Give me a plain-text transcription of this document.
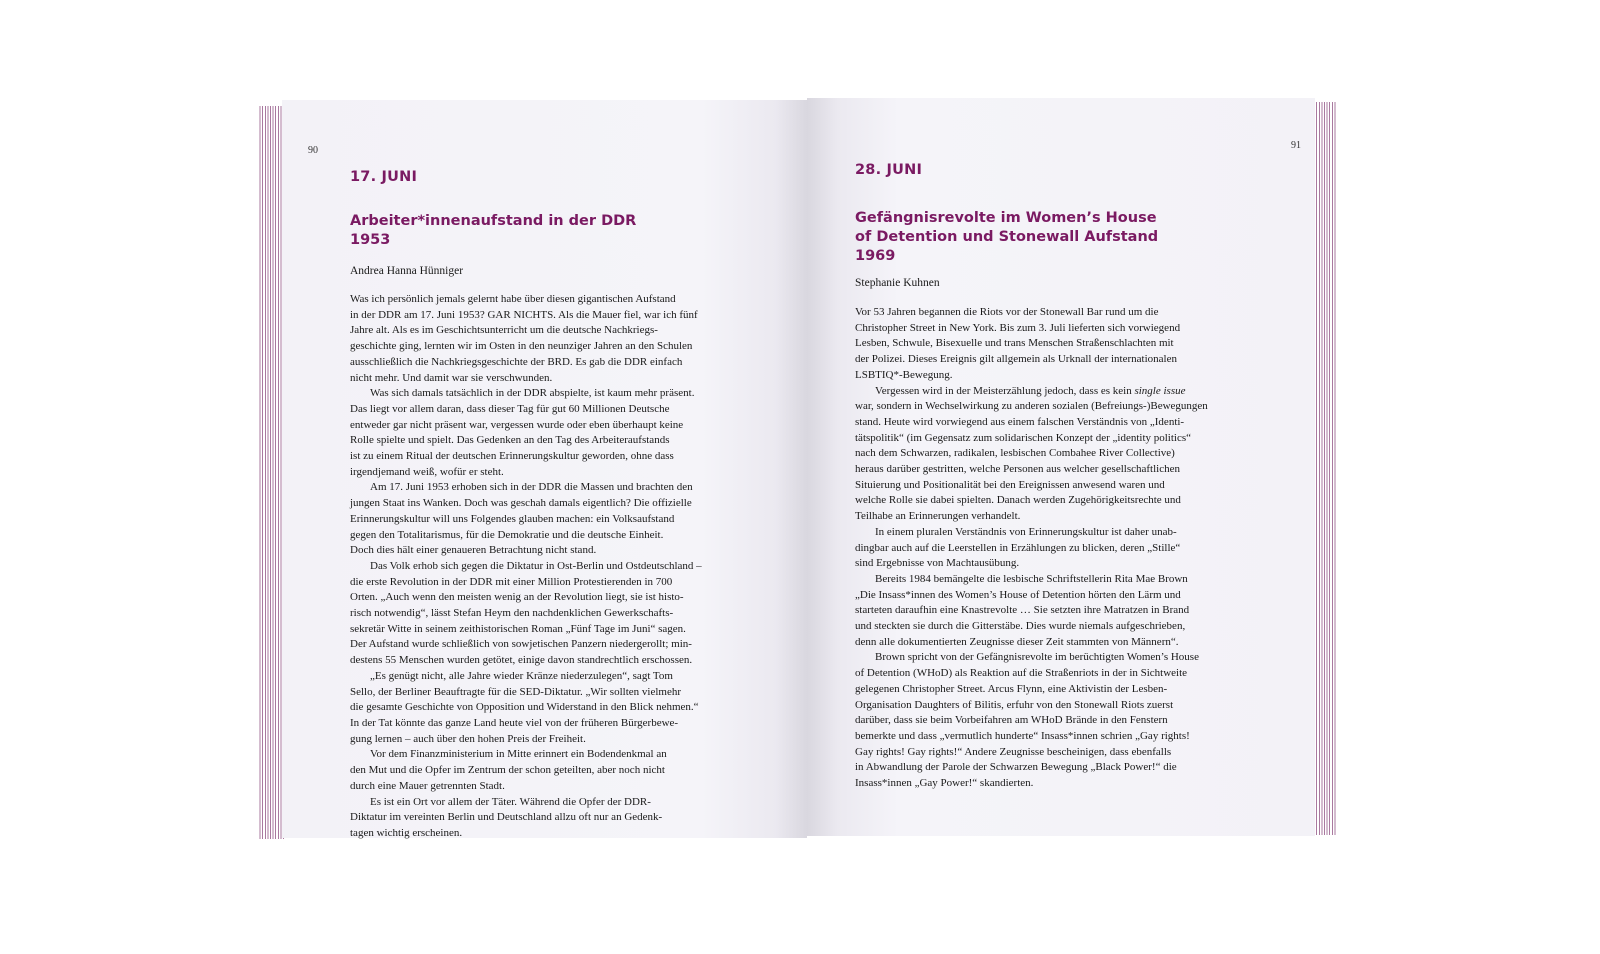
90
17. JUNI
Arbeiter*innenaufstand in der DDR
1953
Andrea Hanna Hünniger
Was ich persönlich jemals gelernt habe über diesen gigantischen Aufstand
in der DDR am 17. Juni 1953? GAR NICHTS. Als die Mauer fiel, war ich fünf
Jahre alt. Als es im Geschichtsunterricht um die deutsche Nachkriegs-
geschichte ging, lernten wir im Osten in den neunziger Jahren an den Schulen
ausschließlich die Nachkriegsgeschichte der BRD. Es gab die DDR einfach
nicht mehr. Und damit war sie verschwunden.
Was sich damals tatsächlich in der DDR abspielte, ist kaum mehr präsent.
Das liegt vor allem daran, dass dieser Tag für gut 60 Millionen Deutsche
entweder gar nicht präsent war, vergessen wurde oder eben überhaupt keine
Rolle spielte und spielt. Das Gedenken an den Tag des Arbeiteraufstands
ist zu einem Ritual der deutschen Erinnerungskultur geworden, ohne dass
irgendjemand weiß, wofür er steht.
Am 17. Juni 1953 erhoben sich in der DDR die Massen und brachten den
jungen Staat ins Wanken. Doch was geschah damals eigentlich? Die offizielle
Erinnerungskultur will uns Folgendes glauben machen: ein Volksaufstand
gegen den Totalitarismus, für die Demokratie und die deutsche Einheit.
Doch dies hält einer genaueren Betrachtung nicht stand.
Das Volk erhob sich gegen die Diktatur in Ost-Berlin und Ostdeutschland –
die erste Revolution in der DDR mit einer Million Protestierenden in 700
Orten. „Auch wenn den meisten wenig an der Revolution liegt, sie ist histo-
risch notwendig“, lässt Stefan Heym den nachdenklichen Gewerkschafts-
sekretär Witte in seinem zeithistorischen Roman „Fünf Tage im Juni“ sagen.
Der Aufstand wurde schließlich von sowjetischen Panzern niedergerollt; min-
destens 55 Menschen wurden getötet, einige davon standrechtlich erschossen.
„Es genügt nicht, alle Jahre wieder Kränze niederzulegen“, sagt Tom
Sello, der Berliner Beauftragte für die SED-Diktatur. „Wir sollten vielmehr
die gesamte Geschichte von Opposition und Widerstand in den Blick nehmen.“
In der Tat könnte das ganze Land heute viel von der früheren Bürgerbewe-
gung lernen – auch über den hohen Preis der Freiheit.
Vor dem Finanzministerium in Mitte erinnert ein Bodendenkmal an
den Mut und die Opfer im Zentrum der schon geteilten, aber noch nicht
durch eine Mauer getrennten Stadt.
Es ist ein Ort vor allem der Täter. Während die Opfer der DDR-
Diktatur im vereinten Berlin und Deutschland allzu oft nur an Gedenk-
tagen wichtig erscheinen.
91
28. JUNI
Gefängnisrevolte im Women’s House
of Detention und Stonewall Aufstand
1969
Stephanie Kuhnen
Vor 53 Jahren begannen die Riots vor der Stonewall Bar rund um die
Christopher Street in New York. Bis zum 3. Juli lieferten sich vorwiegend
Lesben, Schwule, Bisexuelle und trans Menschen Straßenschlachten mit
der Polizei. Dieses Ereignis gilt allgemein als Urknall der internationalen
LSBTIQ*-Bewegung.
Vergessen wird in der Meisterzählung jedoch, dass es kein single issue
war, sondern in Wechselwirkung zu anderen sozialen (Befreiungs-)Bewegungen
stand. Heute wird vorwiegend aus einem falschen Verständnis von „Identi-
tätspolitik“ (im Gegensatz zum solidarischen Konzept der „identity politics“
nach dem Schwarzen, radikalen, lesbischen Combahee River Collective)
heraus darüber gestritten, welche Personen aus welcher gesellschaftlichen
Situierung und Positionalität bei den Ereignissen anwesend waren und
welche Rolle sie dabei spielten. Danach werden Zugehörigkeitsrechte und
Teilhabe an Erinnerungen verhandelt.
In einem pluralen Verständnis von Erinnerungskultur ist daher unab-
dingbar auch auf die Leerstellen in Erzählungen zu blicken, deren „Stille“
sind Ergebnisse von Machtausübung.
Bereits 1984 bemängelte die lesbische Schriftstellerin Rita Mae Brown
„Die Insass*innen des Women’s House of Detention hörten den Lärm und
starteten daraufhin eine Knastrevolte … Sie setzten ihre Matratzen in Brand
und steckten sie durch die Gitterstäbe. Dies wurde niemals aufgeschrieben,
denn alle dokumentierten Zeugnisse dieser Zeit stammten von Männern“.
Brown spricht von der Gefängnisrevolte im berüchtigten Women’s House
of Detention (WHoD) als Reaktion auf die Straßenriots in der in Sichtweite
gelegenen Christopher Street. Arcus Flynn, eine Aktivistin der Lesben-
Organisation Daughters of Bilitis, erfuhr von den Stonewall Riots zuerst
darüber, dass sie beim Vorbeifahren am WHoD Brände in den Fenstern
bemerkte und dass „vermutlich hunderte“ Insass*innen schrien „Gay rights!
Gay rights! Gay rights!“ Andere Zeugnisse bescheinigen, dass ebenfalls
in Abwandlung der Parole der Schwarzen Bewegung „Black Power!“ die
Insass*innen „Gay Power!“ skandierten.
